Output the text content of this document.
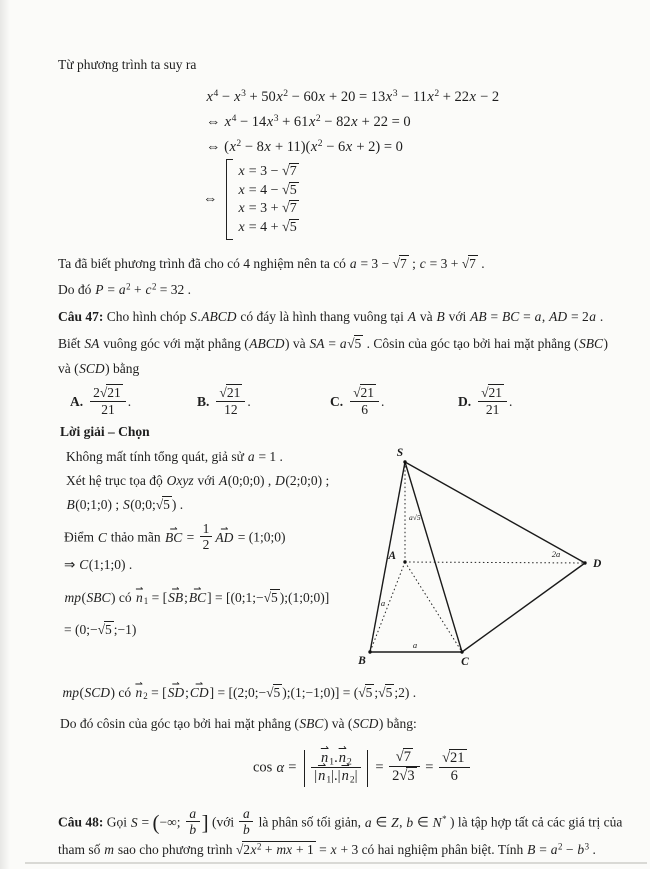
Từ phương trình ta suy ra
$x^4 - x^3 + 50x^2 - 60x + 20 = 13x^3 - 11x^2 + 22x - 2$
⇔ $x^4 - 14x^3 + 61x^2 - 82x + 22 = 0$
⇔ $(x^2 - 8x + 11)(x^2 - 6x + 2) = 0$
⇔
x = 3 − √7
x = 4 − √5
x = 3 + √7
x = 4 + √5
Ta đã biết phương trình đã cho có 4 nghiệm nên ta có a = 3 − √7 ; c = 3 + √7 .
Do đó $P = a^2 + c^2 = 32$ .
Câu 47: Cho hình chóp S.ABCD có đáy là hình thang vuông tại A và B với AB = BC = a, AD = 2a .
Biết SA vuông góc với mặt phẳng (ABCD) và SA = a√5 . Côsin của góc tạo bởi hai mặt phẳng (SBC)
và (SCD) bằng
A. $\frac{2√21}{21}$ .	B. $\frac{√21}{12}$ .	C. $\frac{√21}{6}$ .	D. $\frac{√21}{21}$ .
Lời giải – Chọn
Không mất tính tổng quát, giả sử a = 1 .
Xét hệ trục tọa độ Oxyz với A(0;0;0) , D(2;0;0) ;
B(0;1;0) ; S(0;0;√5 ) .
Điểm C thảo mãn ⇀ BC = $\frac{1}{2}$ ⇀ AD = (1;0;0)
⇒ C(1;1;0) .
mp(SBC) có ⇀ $n_1$ = [⇀ SB;⇀ BC] = [(0;1;−√5 );(1;0;0)]
= (0;−√5 ;−1)
mp(SCD) có ⇀ $n_2$ = [⇀ SD;⇀ CD] = [(2;0;−√5 );(1;−1;0)] = (√5 ;√5 ;2) .
Do đó côsin của góc tạo bởi hai mặt phẳng (SBC) và (SCD) bằng:
cos α = ⇀ $\frac{n_1.⇀ n_2}{|⇀ n_1|.|⇀ n_2|} = \frac{√7}{2√3} = \frac{√21}{6}$
Câu 48: Gọi S = (−∞; $\frac{a}{b}$ ] (với $\frac{a}{b}$ là phân số tối giản, a ∈ Z, b ∈ N* ) là tập hợp tất cả các giá trị của
tham số m sao cho phương trình $√2x^2$ + mx + 1 = x + 3 có hai nghiệm phân biệt. Tính $B = a^2 - b^3$ .
S
A
D
B	C
a√5
2a
a
a
